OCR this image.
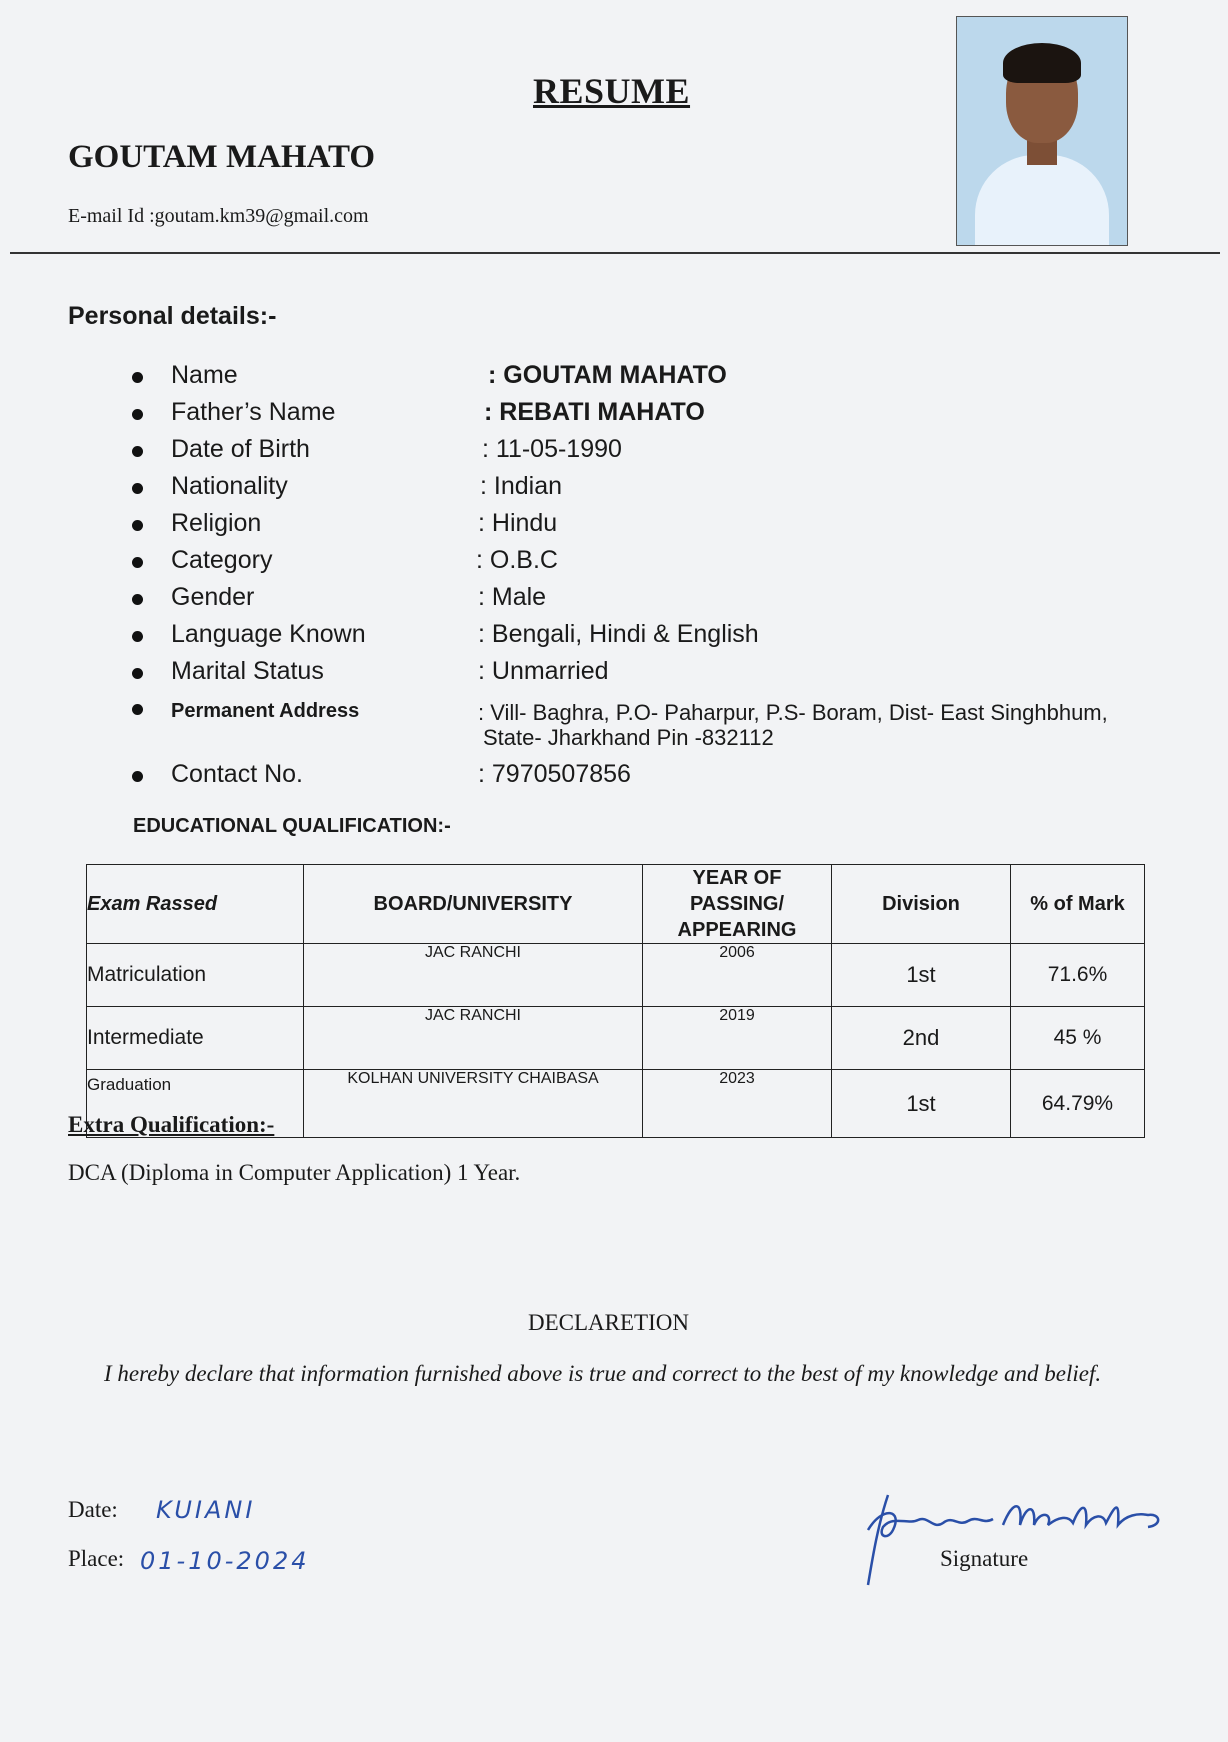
RESUME
GOUTAM MAHATO
E-mail Id :goutam.km39@gmail.com
Personal details:-
Name	: GOUTAM MAHATO
Father’s Name	: REBATI MAHATO
Date of Birth	: 11-05-1990
Nationality	: Indian
Religion	: Hindu
Category	: O.B.C
Gender	: Male
Language Known	: Bengali, Hindi & English
Marital Status	: Unmarried
Permanent Address	: Vill- Baghra, P.O- Paharpur, P.S- Boram, Dist- East Singhbhum,
State- Jharkhand Pin -832112
Contact No.	: 7970507856
EDUCATIONAL QUALIFICATION:-
Exam Rassed	BOARD/UNIVERSITY	YEAR OF PASSING/ APPEARING	Division	% of Mark
Matriculation	JAC RANCHI	2006	1st	71.6%
Intermediate	JAC RANCHI	2019	2nd	45 %
Graduation	KOLHAN UNIVERSITY CHAIBASA	2023	1st	64.79%
Extra Qualification:-
DCA (Diploma in Computer Application) 1 Year.
DECLARETION
I hereby declare that information furnished above is true and correct to the best of my knowledge and belief.
Date: KUIANI
Place: 01-10-2024	Signature
